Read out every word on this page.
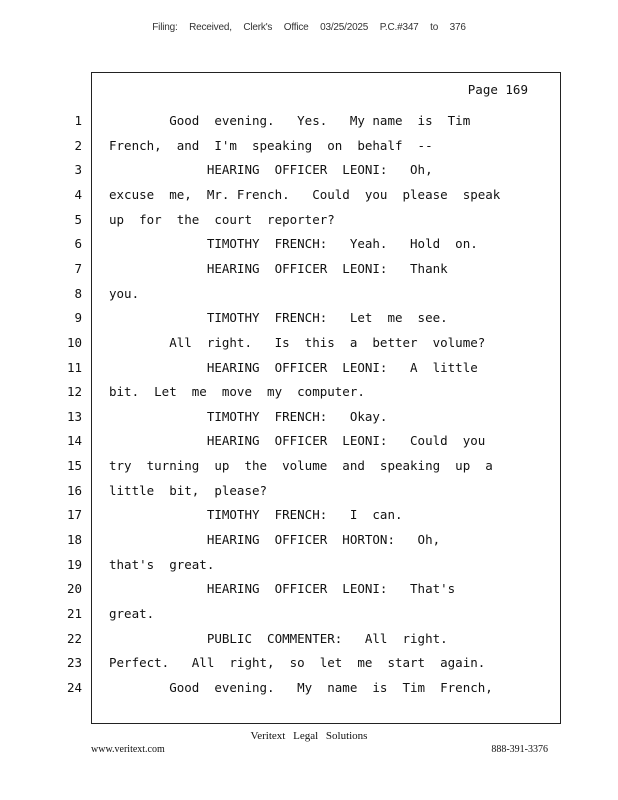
Filing: Received, Clerk's Office 03/25/2025 P.C.#347 to 376
Page 169
1 Good  evening.   Yes.   My name  is  Tim
2 French,  and  I'm  speaking  on  behalf  --
3 HEARING  OFFICER  LEONI:   Oh,
4 excuse  me,  Mr. French.   Could  you  please  speak
5 up  for  the  court  reporter?
6 TIMOTHY  FRENCH:   Yeah.   Hold  on.
7 HEARING  OFFICER  LEONI:   Thank
8 you.
9 TIMOTHY  FRENCH:   Let  me  see.
10 All  right.   Is  this  a  better  volume?
11 HEARING  OFFICER  LEONI:   A  little
12 bit.  Let  me  move  my  computer.
13 TIMOTHY  FRENCH:   Okay.
14 HEARING  OFFICER  LEONI:   Could  you
15 try  turning  up  the  volume  and  speaking  up  a
16 little  bit,  please?
17 TIMOTHY  FRENCH:   I  can.
18 HEARING  OFFICER  HORTON:   Oh,
19 that's  great.
20 HEARING  OFFICER  LEONI:   That's
21 great.
22 PUBLIC  COMMENTER:   All  right.
23 Perfect.   All  right,  so  let  me  start  again.
24 Good  evening.   My  name  is  Tim  French,
Veritext Legal Solutions
www.veritext.com	888-391-3376
